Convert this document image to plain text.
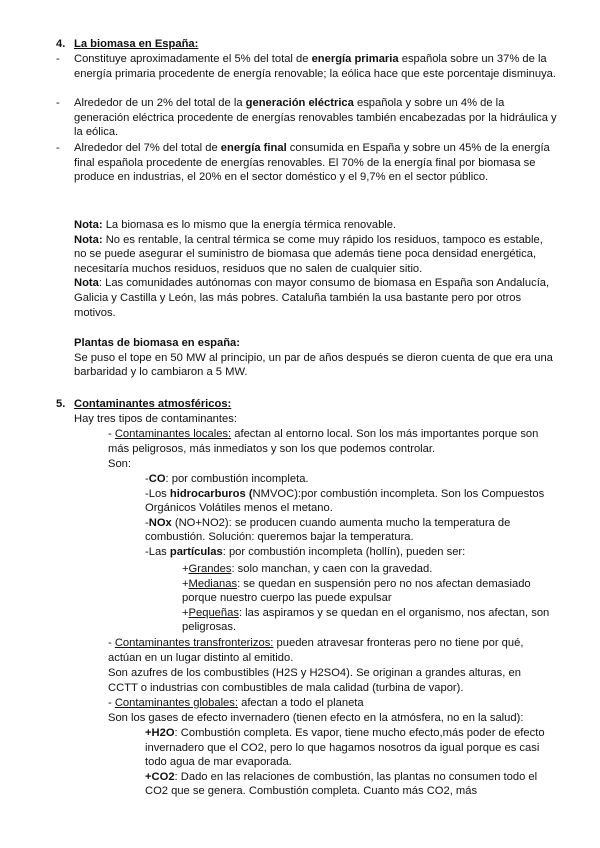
4. La biomasa en España:
- Constituye aproximadamente el 5% del total de energía primaria española sobre un 37% de la energía primaria procedente de energía renovable; la eólica hace que este porcentaje disminuya.
- Alrededor de un 2% del total de la generación eléctrica española y sobre un 4% de la generación eléctrica procedente de energías renovables también encabezadas por la hidráulica y la eólica.
- Alrededor del 7% del total de energía final consumida en España y sobre un 45% de la energía final española procedente de energías renovables. El 70% de la energía final por biomasa se produce en industrias, el 20% en el sector doméstico y el 9,7% en el sector público.
Nota: La biomasa es lo mismo que la energía térmica renovable.
Nota: No es rentable, la central térmica se come muy rápido los residuos, tampoco es estable, no se puede asegurar el suministro de biomasa que además tiene poca densidad energética, necesitaría muchos residuos, residuos que no salen de cualquier sitio.
Nota: Las comunidades autónomas con mayor consumo de biomasa en España son Andalucía, Galicia y Castilla y León, las más pobres. Cataluña también la usa bastante pero por otros motivos.
Plantas de biomasa en españa:
Se puso el tope en 50 MW al principio, un par de años después se dieron cuenta de que era una barbaridad y lo cambiaron a 5 MW.
5. Contaminantes atmosféricos:
Hay tres tipos de contaminantes:
- Contaminantes locales: afectan al entorno local. Son los más importantes porque son más peligrosos, más inmediatos y son los que podemos controlar.
Son:
-CO: por combustión incompleta.
-Los hidrocarburos (NMVOC):por combustión incompleta. Son los Compuestos Orgánicos Volátiles menos el metano.
-NOx (NO+NO2): se producen cuando aumenta mucho la temperatura de combustión. Solución: queremos bajar la temperatura.
-Las partículas: por combustión incompleta (hollín), pueden ser:
+Grandes: solo manchan, y caen con la gravedad.
+Medianas: se quedan en suspensión pero no nos afectan demasiado porque nuestro cuerpo las puede expulsar
+Pequeñas: las aspiramos y se quedan en el organismo, nos afectan, son peligrosas.
- Contaminantes transfronterizos: pueden atravesar fronteras pero no tiene por qué, actúan en un lugar distinto al emitido.
Son azufres de los combustibles (H2S y H2SO4). Se originan a grandes alturas, en CCTT o industrias con combustibles de mala calidad (turbina de vapor).
- Contaminantes globales: afectan a todo el planeta
Son los gases de efecto invernadero (tienen efecto en la atmósfera, no en la salud):
+H2O: Combustión completa. Es vapor, tiene mucho efecto,más poder de efecto invernadero que el CO2, pero lo que hagamos nosotros da igual porque es casi todo agua de mar evaporada.
+CO2: Dado en las relaciones de combustión, las plantas no consumen todo el CO2 que se genera. Combustión completa. Cuanto más CO2, más
